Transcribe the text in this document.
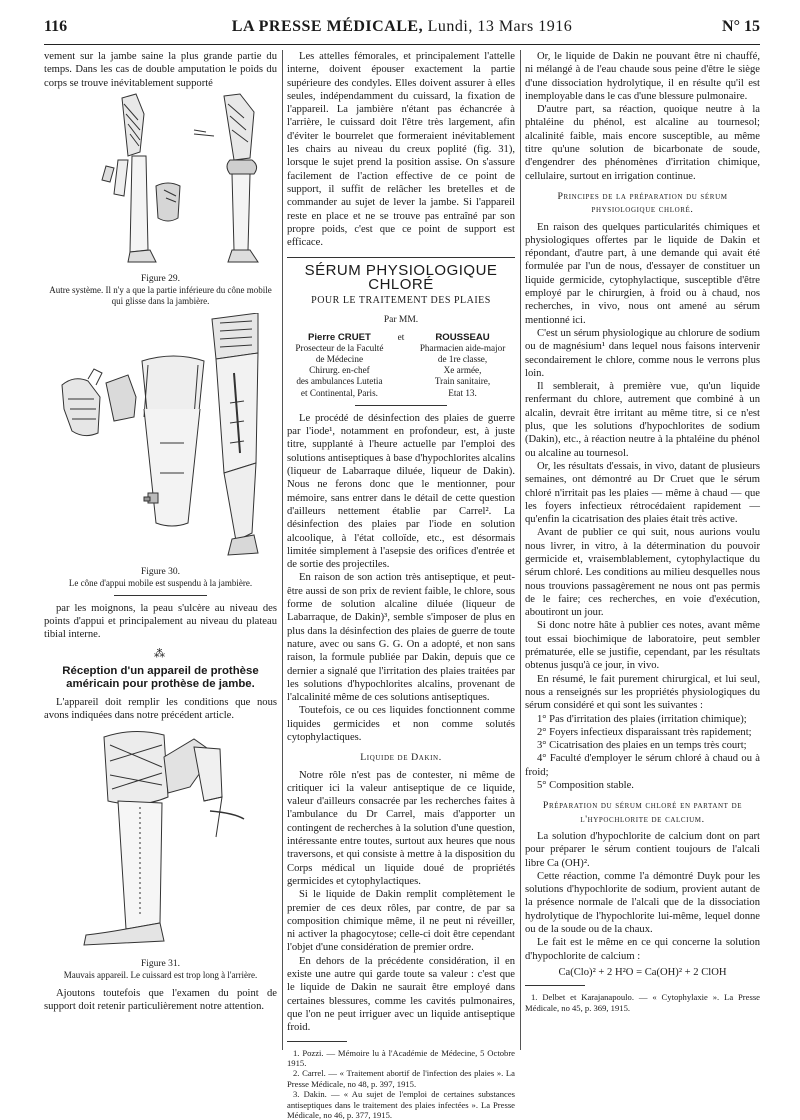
116	LA PRESSE MÉDICALE, Lundi, 13 Mars 1916	N° 15

vement sur la jambe saine la plus grande partie du temps. Dans les cas de double amputation le poids du corps se trouve inévitablement supporté

Figure 29.
Autre système. Il n'y a que la partie inférieure du cône mobile qui glisse dans la jambière.
Figure 30.
Le cône d'appui mobile est suspendu à la jambière.

par les moignons, la peau s'ulcère au niveau des points d'appui et principalement au niveau du plateau tibial interne.

⁂
Réception d'un appareil de prothèse américain pour prothèse de jambe.

L'appareil doit remplir les conditions que nous avons indiquées dans notre précédent article.

Figure 31.
Mauvais appareil. Le cuissard est trop long à l'arrière.

Ajoutons toutefois que l'examen du point de support doit retenir particulièrement notre attention.

Les attelles fémorales, et principalement l'attelle interne, doivent épouser exactement la partie supérieure des condyles. Elles doivent assurer à elles seules, indépendamment du cuissard, la fixation de l'appareil. La jambière n'étant pas échancrée à l'arrière, le cuissard doit l'être très largement, afin d'éviter le bourrelet que formeraient inévitablement les chairs au niveau du creux poplité (fig. 31), lorsque le sujet prend la position assise. On s'assure facilement de l'action effective de ce point de support, il suffit de relâcher les bretelles et de commander au sujet de lever la jambe. Si l'appareil reste en place et ne se trouve pas entraîné par son propre poids, c'est que ce point de support est efficace.

SÉRUM PHYSIOLOGIQUE CHLORÉ
POUR LE TRAITEMENT DES PLAIES
Par MM.
Pierre CRUET
Prosecteur de la Faculté
de Médecine
Chirurg. en-chef
des ambulances Lutetia
et Continental, Paris.
et	ROUSSEAU
Pharmacien aide-major
de 1re classe,
Xe armée,
Train sanitaire,
Etat 13.

Le procédé de désinfection des plaies de guerre par l'iode¹, notamment en profondeur, est, à juste titre, supplanté à l'heure actuelle par l'emploi des solutions antiseptiques à base d'hypochlorites alcalins (liqueur de Labarraque diluée, liqueur de Dakin). Nous ne ferons donc que le mentionner, pour mémoire, sans entrer dans le détail de cette question d'ailleurs nettement établie par Carrel². La désinfection des plaies par l'iode en solution alcoolique, à l'état colloïde, etc., est désormais limitée simplement à l'asepsie des orifices d'entrée et de sortie des projectiles.

En raison de son action très antiseptique, et peut-être aussi de son prix de revient faible, le chlore, sous forme de solution alcaline diluée (liqueur de Labarraque, de Dakin)³, semble s'imposer de plus en plus dans la désinfection des plaies de guerre de toute nature, avec ou sans G. G. On a adopté, et non sans raison, la formule publiée par Dakin, depuis que ce dernier a signalé que l'irritation des plaies traitées par les solutions d'hypochlorites alcalins, provenant de l'alcalinité même de ces solutions antiseptiques.

Toutefois, ce ou ces liquides fonctionnent comme liquides germicides et non comme solutés cytophylactiques.

Liquide de Dakin.

Notre rôle n'est pas de contester, ni même de critiquer ici la valeur antiseptique de ce liquide, valeur d'ailleurs consacrée par les recherches faites à l'ambulance du Dr Carrel, mais d'apporter un contingent de recherches à la solution d'une question, intéressante entre toutes, surtout aux heures que nous traversons, et qui consiste à mettre à la disposition du Corps médical un liquide doué de propriétés germicides et cytophylactiques.

Si le liquide de Dakin remplit complètement le premier de ces deux rôles, par contre, de par sa composition chimique même, il ne peut ni réveiller, ni activer la phagocytose; celle-ci doit être cependant l'objet d'une considération de premier ordre.

En dehors de la précédente considération, il en existe une autre qui garde toute sa valeur : c'est que le liquide de Dakin ne saurait être employé dans certaines blessures, comme les cavités pulmonaires, que l'on ne peut irriguer avec un liquide antiseptique froid.

1. Pozzi. — Mémoire lu à l'Académie de Médecine, 5 Octobre 1915.

2. Carrel. — « Traitement abortif de l'infection des plaies ». La Presse Médicale, no 48, p. 397, 1915.

3. Dakin. — « Au sujet de l'emploi de certaines substances antiseptiques dans le traitement des plaies infectées ». La Presse Médicale, no 46, p. 377, 1915.

Or, le liquide de Dakin ne pouvant être ni chauffé, ni mélangé à de l'eau chaude sous peine d'être le siège d'une dissociation hydrolytique, il en résulte qu'il est inemployable dans le cas d'une blessure pulmonaire.

D'autre part, sa réaction, quoique neutre à la phtaléine du phénol, est alcaline au tournesol; alcalinité faible, mais encore susceptible, au même titre qu'une solution de bicarbonate de soude, d'engendrer des phénomènes d'irritation chimique, cellulaire, surtout en irrigation continue.

Principes de la préparation du sérum physiologique chloré.

En raison des quelques particularités chimiques et physiologiques offertes par le liquide de Dakin et répondant, d'autre part, à une demande qui avait été formulée par l'un de nous, d'essayer de constituer un liquide germicide, cytophylactique, susceptible d'être employé par le chirurgien, à froid ou à chaud, nos recherches, in vivo, nous ont amené au sérum mentionné ici.

C'est un sérum physiologique au chlorure de sodium ou de magnésium¹ dans lequel nous faisons intervenir secondairement le chlore, comme nous le verrons plus loin.

Il semblerait, à première vue, qu'un liquide renfermant du chlore, autrement que combiné à un alcalin, devrait être irritant au même titre, si ce n'est plus, que les solutions d'hypochlorites de sodium (Dakin), etc., à réaction neutre à la phtaléine du phénol ou alcaline au tournesol.

Or, les résultats d'essais, in vivo, datant de plusieurs semaines, ont démontré au Dr Cruet que le sérum chloré n'irritait pas les plaies — même à chaud — que les foyers infectieux rétrocédaient rapidement — qu'enfin la cicatrisation des plaies était très active.

Avant de publier ce qui suit, nous aurions voulu nous livrer, in vitro, à la détermination du pouvoir germicide et, vraisemblablement, cytophylactique du sérum chloré. Les conditions au milieu desquelles nous nous trouvions passagèrement ne nous ont pas permis de le faire; ces recherches, en voie d'exécution, aboutiront un jour.

Si donc notre hâte à publier ces notes, avant même tout essai biochimique de laboratoire, peut sembler prématurée, elle se justifie, cependant, par les résultats obtenus jusqu'à ce jour, in vivo.

En résumé, le fait purement chirurgical, et lui seul, nous a renseignés sur les propriétés physiologiques du sérum considéré et qui sont les suivantes :

1° Pas d'irritation des plaies (irritation chimique);

2° Foyers infectieux disparaissant très rapidement;

3° Cicatrisation des plaies en un temps très court;

4° Faculté d'employer le sérum chloré à chaud ou à froid;

5° Composition stable.

Préparation du sérum chloré en partant de l'hypochlorite de calcium.

La solution d'hypochlorite de calcium dont on part pour préparer le sérum contient toujours de l'alcali libre Ca (OH)².

Cette réaction, comme l'a démontré Duyk pour les solutions d'hypochlorite de sodium, provient autant de la présence normale de l'alcali que de la dissociation hydrolytique de l'hypochlorite lui-même, lequel donne ou de la soude ou de la chaux.

Le fait est le même en ce qui concerne la solution d'hypochlorite de calcium :

Ca(Clo)² + 2 H²O = Ca(OH)² + 2 ClOH

1. Delbet et Karajanapoulo. — « Cytophylaxie ». La Presse Médicale, no 45, p. 369, 1915.
